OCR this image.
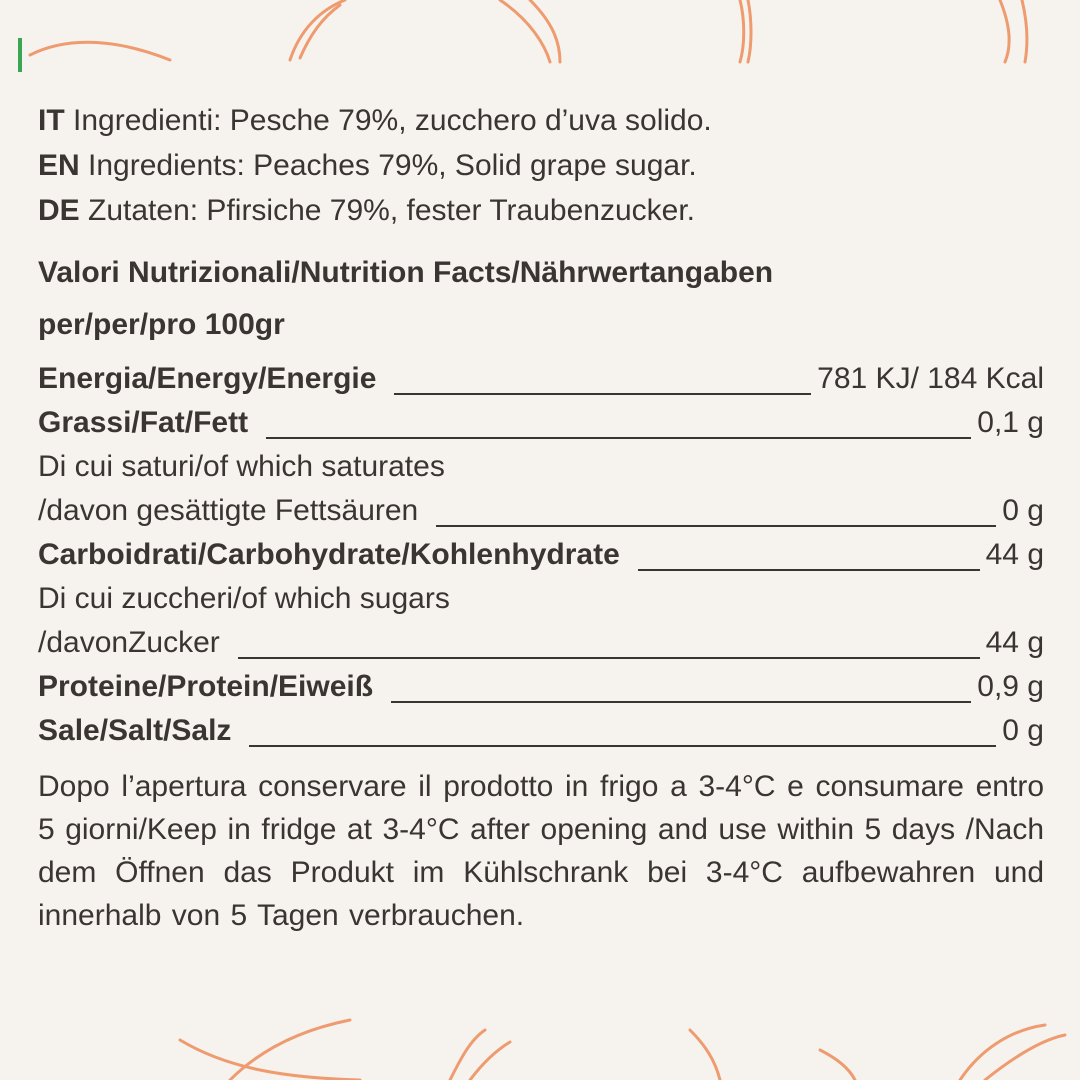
IT Ingredienti: Pesche 79%, zucchero d’uva solido.
EN Ingredients: Peaches 79%, Solid grape sugar.
DE Zutaten: Pfirsiche 79%, fester Traubenzucker.
Valori Nutrizionali/Nutrition Facts/Nährwertangaben
per/per/pro 100gr
Energia/Energy/Energie	781 KJ/ 184 Kcal
Grassi/Fat/Fett	0,1 g
Di cui saturi/of which saturates
/davon gesättigte Fettsäuren	0 g
Carboidrati/Carbohydrate/Kohlenhydrate	44 g
Di cui zuccheri/of which sugars
/davonZucker	44 g
Proteine/Protein/Eiweiß	0,9 g
Sale/Salt/Salz	0 g
Dopo l’apertura conservare il prodotto in frigo a 3-4°C e consumare entro 5 giorni/Keep in fridge at 3-4°C after opening and use within 5 days /Nach dem Öffnen das Produkt im Kühlschrank bei 3-4°C aufbewahren und innerhalb von 5 Tagen verbrauchen.
